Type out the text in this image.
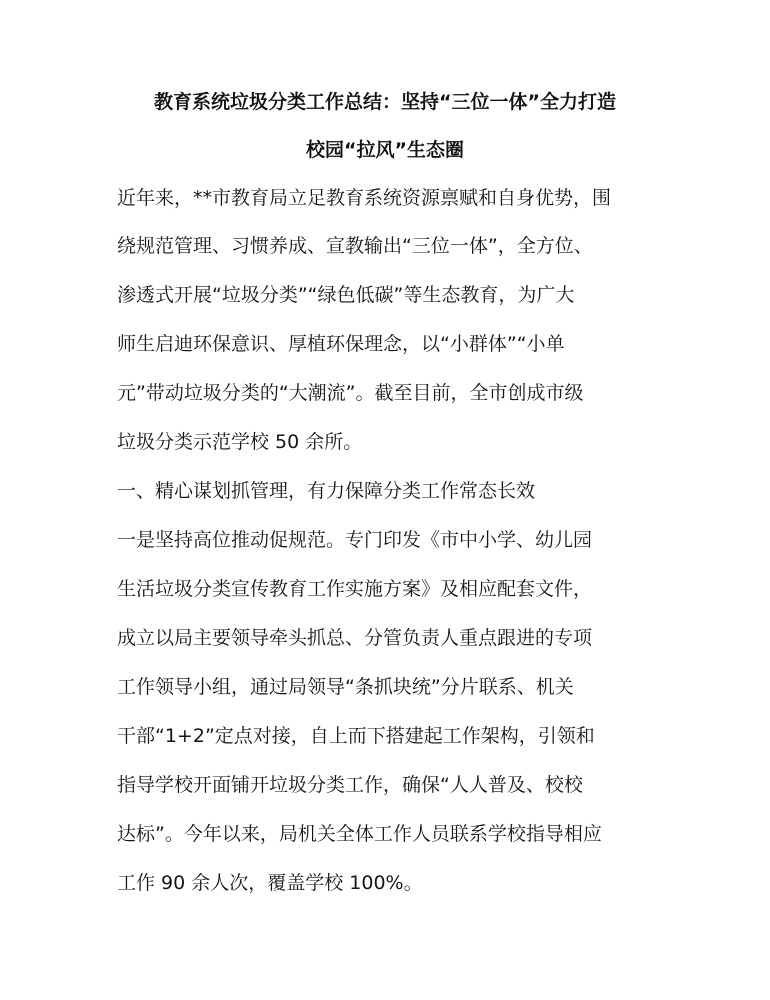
教育系统垃圾分类工作总结：坚持“三位一体”全力打造
校园“拉风”生态圈
近年来，**市教育局立足教育系统资源禀赋和自身优势，围
绕规范管理、习惯养成、宣教输出“三位一体”，全方位、
渗透式开展“垃圾分类”“绿色低碳”等生态教育，为广大
师生启迪环保意识、厚植环保理念，以“小群体”“小单
元”带动垃圾分类的“大潮流”。截至目前，全市创成市级
垃圾分类示范学校 50 余所。
一、精心谋划抓管理，有力保障分类工作常态长效
一是坚持高位推动促规范。专门印发《市中小学、幼儿园
生活垃圾分类宣传教育工作实施方案》及相应配套文件，
成立以局主要领导牵头抓总、分管负责人重点跟进的专项
工作领导小组，通过局领导“条抓块统”分片联系、机关
干部“1+2”定点对接，自上而下搭建起工作架构，引领和
指导学校开面铺开垃圾分类工作，确保“人人普及、校校
达标”。今年以来，局机关全体工作人员联系学校指导相应
工作 90 余人次，覆盖学校 100%。
